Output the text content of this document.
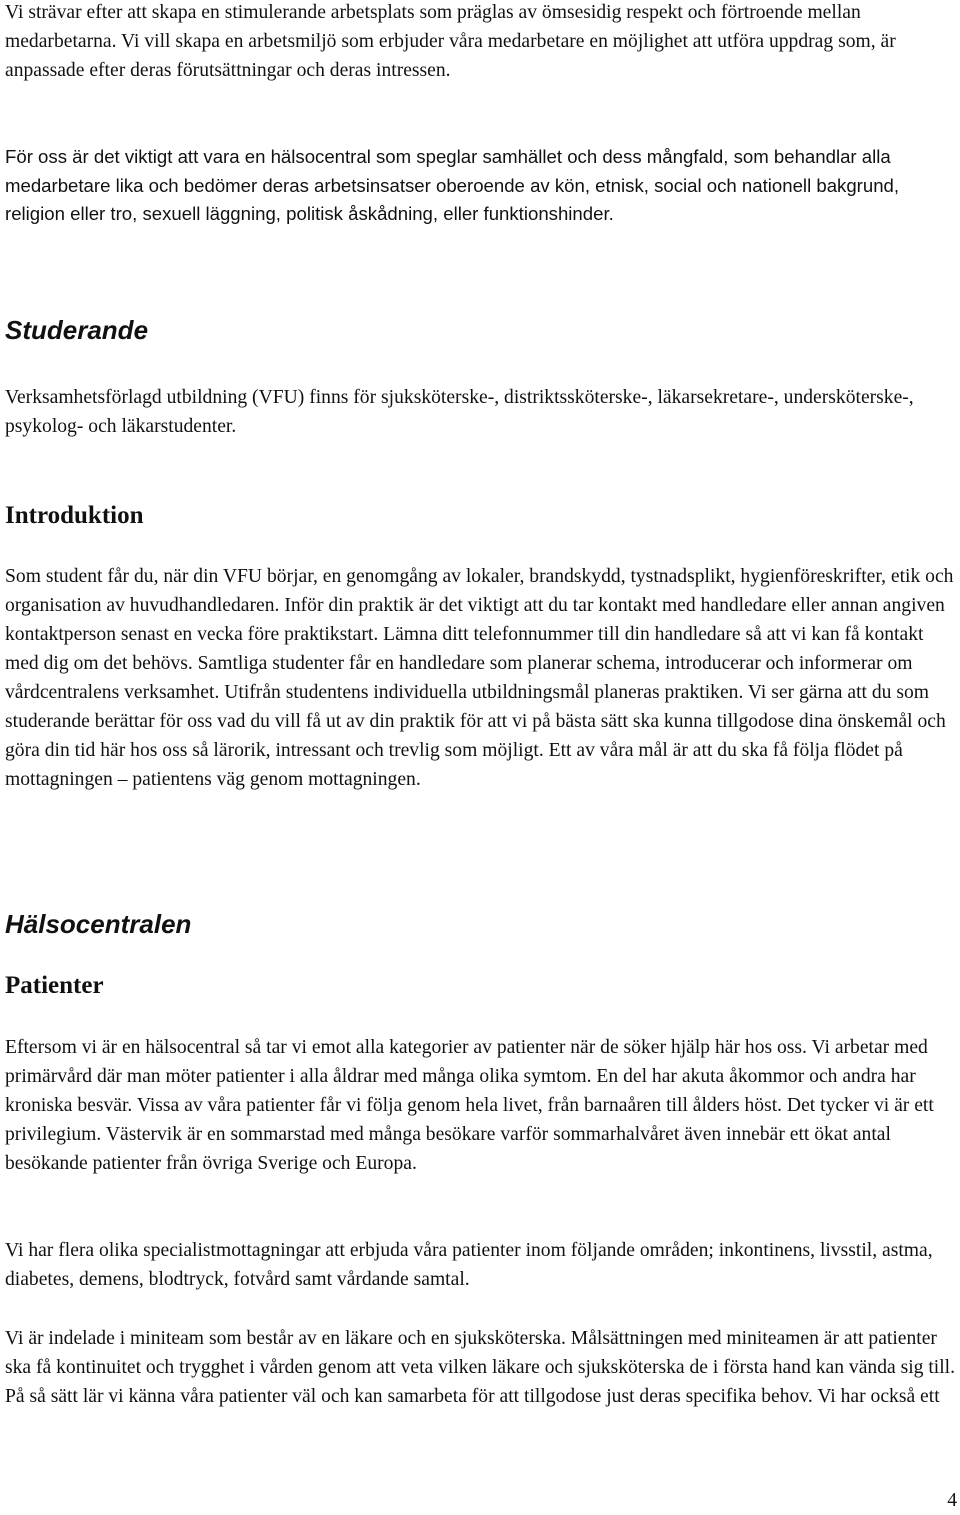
Vi strävar efter att skapa en stimulerande arbetsplats som präglas av ömsesidig respekt och förtroende mellan medarbetarna. Vi vill skapa en arbetsmiljö som erbjuder våra medarbetare en möjlighet att utföra uppdrag som, är anpassade efter deras förutsättningar och deras intressen.

För oss är det viktigt att vara en hälsocentral som speglar samhället och dess mångfald, som behandlar alla medarbetare lika och bedömer deras arbetsinsatser oberoende av kön, etnisk, social och nationell bakgrund, religion eller tro, sexuell läggning, politisk åskådning, eller funktionshinder.

Studerande

Verksamhetsförlagd utbildning (VFU) finns för sjuksköterske-, distriktssköterske-, läkarsekretare-, undersköterske-, psykolog- och läkarstudenter.

Introduktion

Som student får du, när din VFU börjar, en genomgång av lokaler, brandskydd, tystnadsplikt, hygienföreskrifter, etik och organisation av huvudhandledaren. Inför din praktik är det viktigt att du tar kontakt med handledare eller annan angiven kontaktperson senast en vecka före praktikstart. Lämna ditt telefonnummer till din handledare så att vi kan få kontakt med dig om det behövs. Samtliga studenter får en handledare som planerar schema, introducerar och informerar om vårdcentralens verksamhet. Utifrån studentens individuella utbildningsmål planeras praktiken. Vi ser gärna att du som studerande berättar för oss vad du vill få ut av din praktik för att vi på bästa sätt ska kunna tillgodose dina önskemål och göra din tid här hos oss så lärorik, intressant och trevlig som möjligt. Ett av våra mål är att du ska få följa flödet på mottagningen – patientens väg genom mottagningen.

Hälsocentralen
Patienter

Eftersom vi är en hälsocentral så tar vi emot alla kategorier av patienter när de söker hjälp här hos oss. Vi arbetar med primärvård där man möter patienter i alla åldrar med många olika symtom. En del har akuta åkommor och andra har kroniska besvär. Vissa av våra patienter får vi följa genom hela livet, från barnaåren till ålders höst. Det tycker vi är ett privilegium. Västervik är en sommarstad med många besökare varför sommarhalvåret även innebär ett ökat antal besökande patienter från övriga Sverige och Europa.

Vi har flera olika specialistmottagningar att erbjuda våra patienter inom följande områden; inkontinens, livsstil, astma, diabetes, demens, blodtryck, fotvård samt vårdande samtal.

Vi är indelade i miniteam som består av en läkare och en sjuksköterska. Målsättningen med miniteamen är att patienter ska få kontinuitet och trygghet i vården genom att veta vilken läkare och sjuksköterska de i första hand kan vända sig till. På så sätt lär vi känna våra patienter väl och kan samarbeta för att tillgodose just deras specifika behov. Vi har också ett

4
